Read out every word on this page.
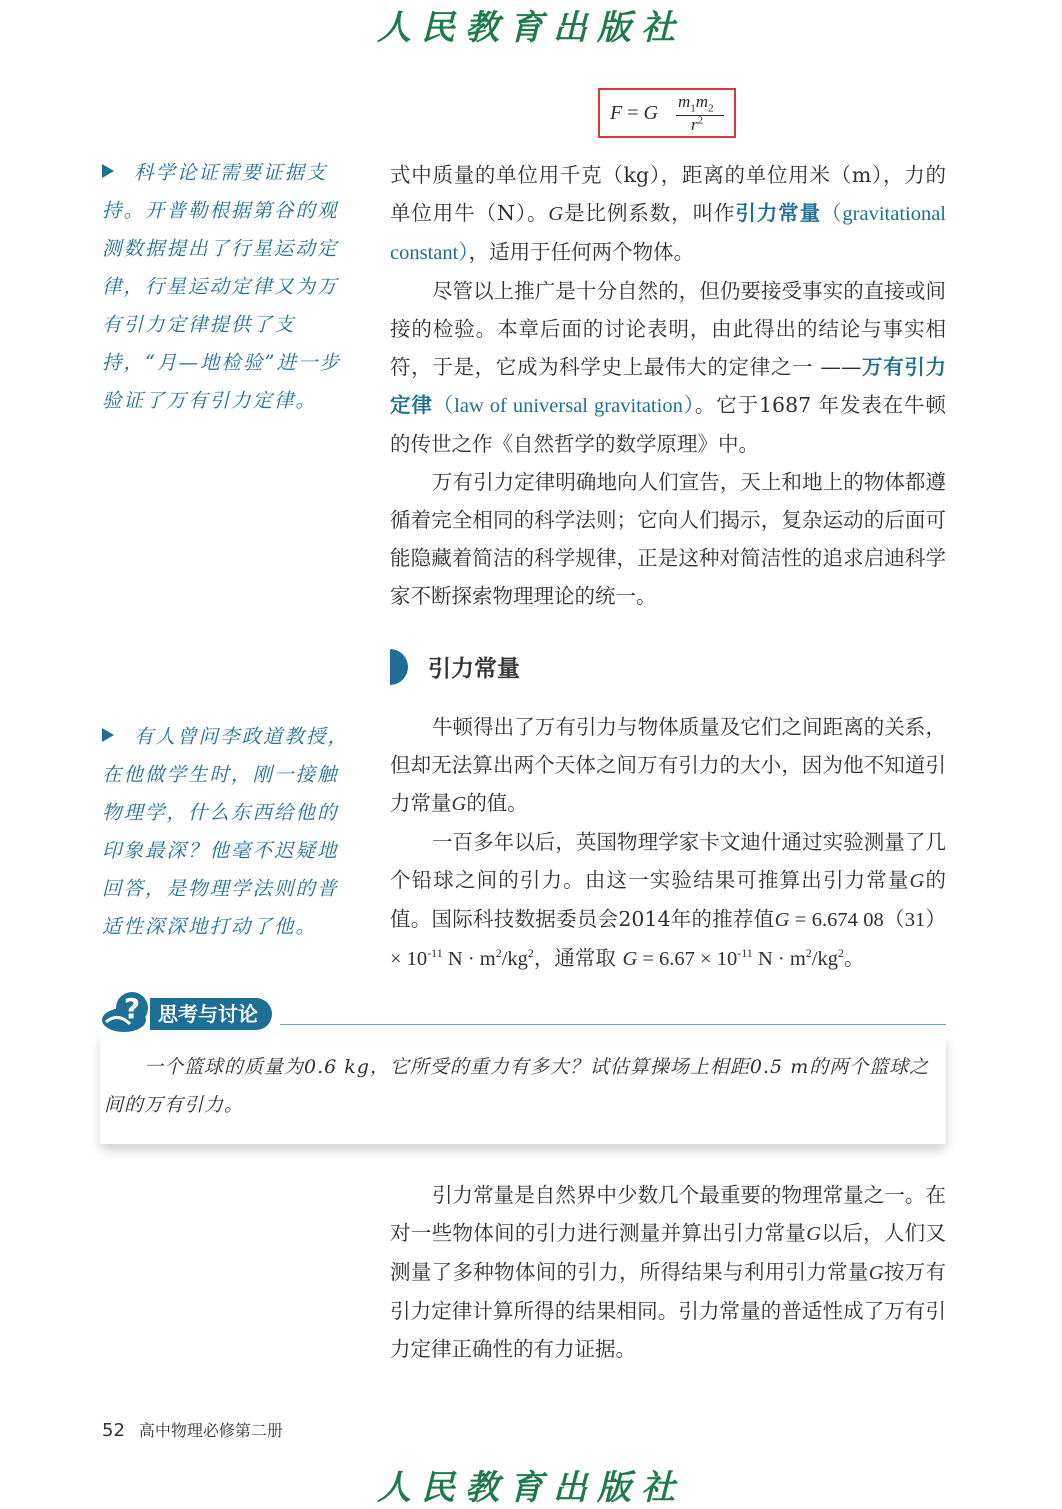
人民教育出版社
F = G
$m_1m_2$
$r^2$
科学论证需要证据支持。开普勒根据第谷的观测数据提出了行星运动定律，行星运动定律又为万有引力定律提供了支持，“月—地检验”进一步验证了万有引力定律。

式中质量的单位用千克（kg），距离的单位用米（m），力的单位用牛（N）。G是比例系数，叫作引力常量（gravitational constant），适用于任何两个物体。

尽管以上推广是十分自然的，但仍要接受事实的直接或间接的检验。本章后面的讨论表明，由此得出的结论与事实相符，于是，它成为科学史上最伟大的定律之一 ——万有引力定律（law of universal gravitation）。它于1687 年发表在牛顿的传世之作《自然哲学的数学原理》中。

万有引力定律明确地向人们宣告，天上和地上的物体都遵循着完全相同的科学法则；它向人们揭示，复杂运动的后面可能隐藏着简洁的科学规律，正是这种对简洁性的追求启迪科学家不断探索物理理论的统一。

引力常量
有人曾问李政道教授，在他做学生时，刚一接触物理学，什么东西给他的印象最深？他毫不迟疑地回答，是物理学法则的普适性深深地打动了他。

牛顿得出了万有引力与物体质量及它们之间距离的关系，但却无法算出两个天体之间万有引力的大小，因为他不知道引力常量G的值。

一百多年以后，英国物理学家卡文迪什通过实验测量了几个铅球之间的引力。由这一实验结果可推算出引力常量G的值。国际科技数据委员会2014年的推荐值G = 6.674 $08(31)\times 10^{-11}$ $N \cdot m^2/kg^2$，通常取 $G = 6.67 \times 10^{-11}$ $N \cdot m^2/kg^2$。

? 思考与讨论
一个篮球的质量为0.6 kg，它所受的重力有多大？试估算操场上相距0.5 m的两个篮球之间的万有引力。

引力常量是自然界中少数几个最重要的物理常量之一。在对一些物体间的引力进行测量并算出引力常量G以后，人们又测量了多种物体间的引力，所得结果与利用引力常量G按万有引力定律计算所得的结果相同。引力常量的普适性成了万有引力定律正确性的有力证据。

52 高中物理必修第二册
人民教育出版社
